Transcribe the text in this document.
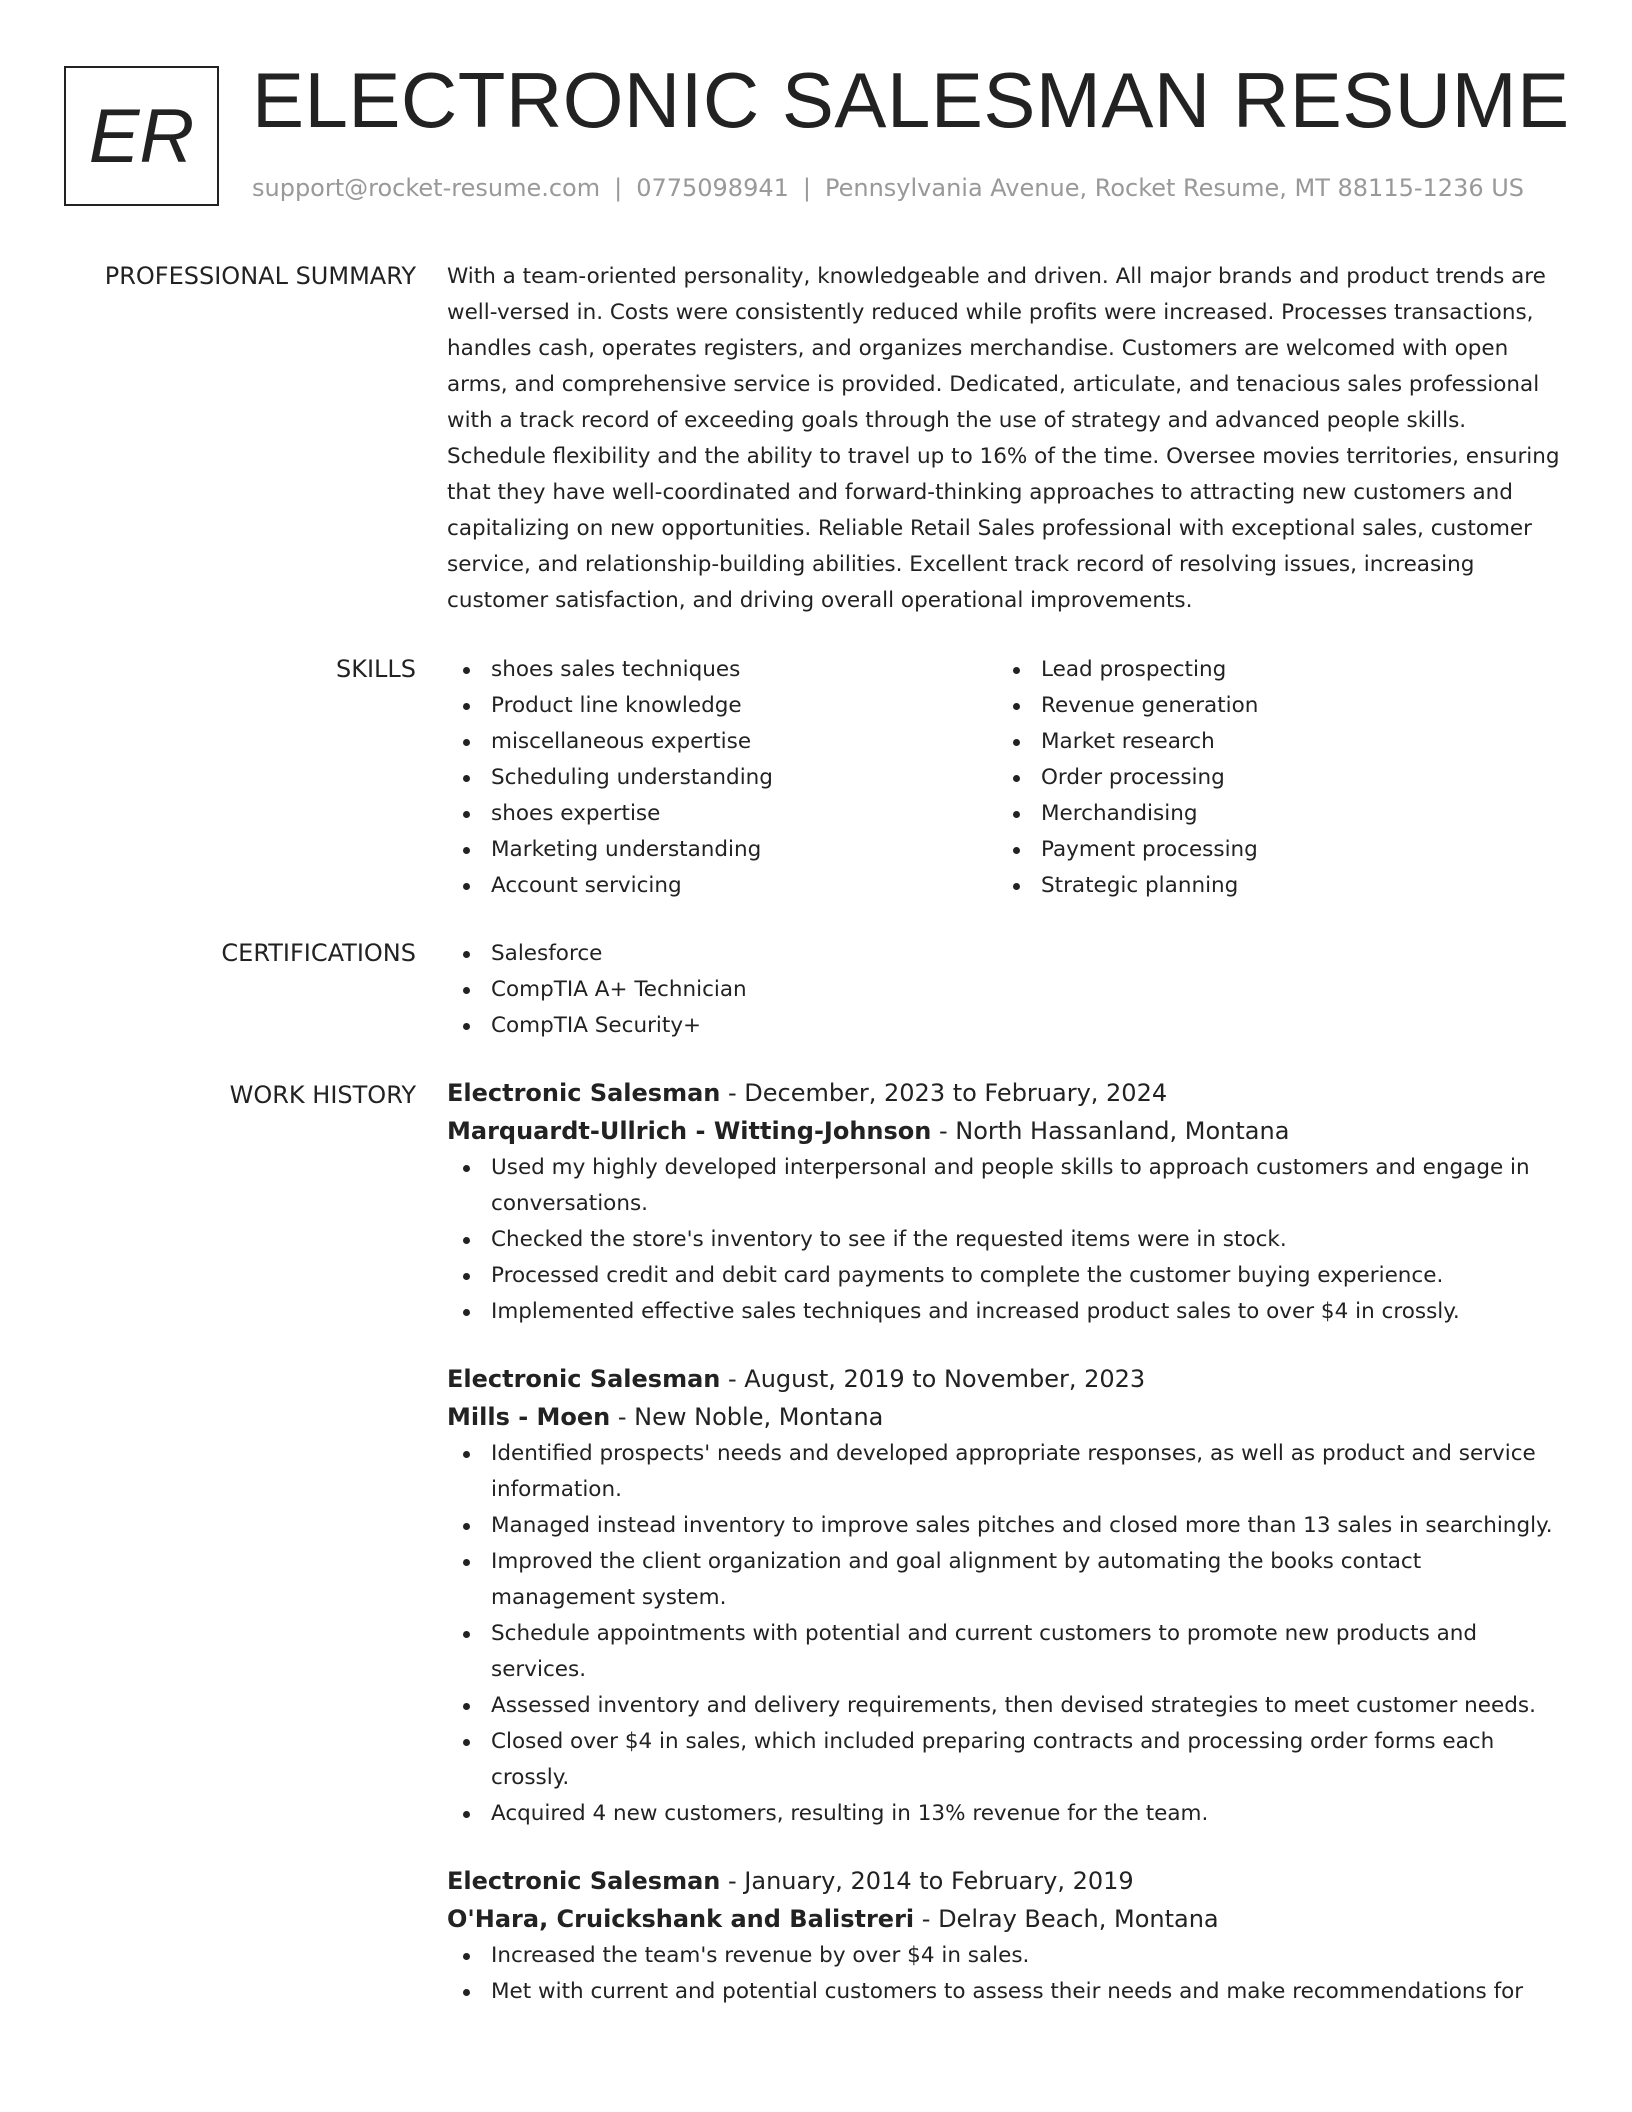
ER ELECTRONIC SALESMAN RESUME
support@rocket-resume.com | 0775098941 | Pennsylvania Avenue, Rocket Resume, MT 88115-1236 US
PROFESSIONAL SUMMARY With a team-oriented personality, knowledgeable and driven. All major brands and product trends are well-versed in. Costs were consistently reduced while profits were increased. Processes transactions, handles cash, operates registers, and organizes merchandise. Customers are welcomed with open arms, and comprehensive service is provided. Dedicated, articulate, and tenacious sales professional with a track record of exceeding goals through the use of strategy and advanced people skills. Schedule flexibility and the ability to travel up to 16% of the time. Oversee movies territories, ensuring that they have well-coordinated and forward-thinking approaches to attracting new customers and capitalizing on new opportunities. Reliable Retail Sales professional with exceptional sales, customer service, and relationship-building abilities. Excellent track record of resolving issues, increasing customer satisfaction, and driving overall operational improvements.

SKILLS	shoes sales techniques
Product line knowledge
miscellaneous expertise
Scheduling understanding
shoes expertise
Marketing understanding
Account servicing
Lead prospecting
Revenue generation
Market research
Order processing
Merchandising
Payment processing
Strategic planning
CERTIFICATIONS	Salesforce
CompTIA A+ Technician
CompTIA Security+
WORK HISTORY Electronic Salesman - December, 2023 to February, 2024
Marquardt-Ullrich - Witting-Johnson - North Hassanland, Montana
Used my highly developed interpersonal and people skills to approach customers and engage in conversations.
Checked the store's inventory to see if the requested items were in stock.
Processed credit and debit card payments to complete the customer buying experience.
Implemented effective sales techniques and increased product sales to over $4 in crossly.
Electronic Salesman - August, 2019 to November, 2023
Mills - Moen - New Noble, Montana
Identified prospects' needs and developed appropriate responses, as well as product and service information.
Managed instead inventory to improve sales pitches and closed more than 13 sales in searchingly.
Improved the client organization and goal alignment by automating the books contact management system.
Schedule appointments with potential and current customers to promote new products and services.
Assessed inventory and delivery requirements, then devised strategies to meet customer needs.
Closed over $4 in sales, which included preparing contracts and processing order forms each crossly.
Acquired 4 new customers, resulting in 13% revenue for the team.
Electronic Salesman - January, 2014 to February, 2019
O'Hara, Cruickshank and Balistreri - Delray Beach, Montana
Increased the team's revenue by over $4 in sales.
Met with current and potential customers to assess their needs and make recommendations for
